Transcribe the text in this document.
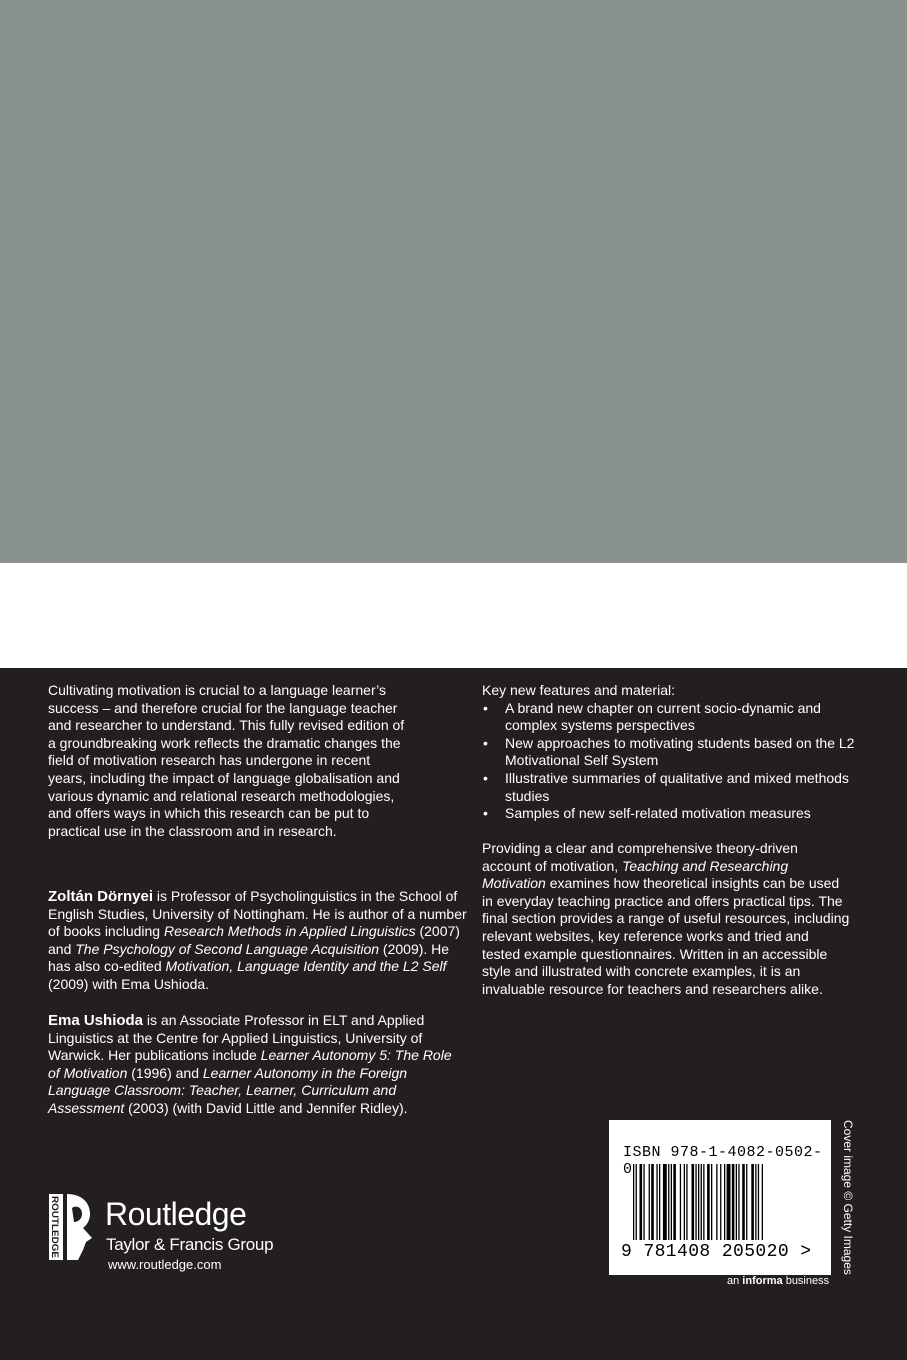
Cultivating motivation is crucial to a language learner’s success – and therefore crucial for the language teacher and researcher to understand. This fully revised edition of a groundbreaking work reflects the dramatic changes the field of motivation research has undergone in recent years, including the impact of language globalisation and various dynamic and relational research methodologies, and offers ways in which this research can be put to practical use in the classroom and in research.

Zoltán Dörnyei is Professor of Psycholinguistics in the School of English Studies, University of Nottingham. He is author of a number of books including Research Methods in Applied Linguistics (2007) and The Psychology of Second Language Acquisition (2009). He has also co-edited Motivation, Language Identity and the L2 Self (2009) with Ema Ushioda.

Ema Ushioda is an Associate Professor in ELT and Applied Linguistics at the Centre for Applied Linguistics, University of Warwick. Her publications include Learner Autonomy 5: The Role of Motivation (1996) and Learner Autonomy in the Foreign Language Classroom: Teacher, Learner, Curriculum and Assessment (2003) (with David Little and Jennifer Ridley).

Key new features and material:
• A brand new chapter on current socio-dynamic and complex systems perspectives
• New approaches to motivating students based on the L2 Motivational Self System
• Illustrative summaries of qualitative and mixed methods studies
• Samples of new self-related motivation measures

Providing a clear and comprehensive theory-driven account of motivation, Teaching and Researching Motivation examines how theoretical insights can be used in everyday teaching practice and offers practical tips. The final section provides a range of useful resources, including relevant websites, key reference works and tried and tested example questionnaires. Written in an accessible style and illustrated with concrete examples, it is an invaluable resource for teachers and researchers alike.

ROUTLEDGE Routledge
Taylor & Francis Group
www.routledge.com
ISBN 978-1-4082-0502-0
9 781408 205020 >
an informa business
Cover image © Getty Images
